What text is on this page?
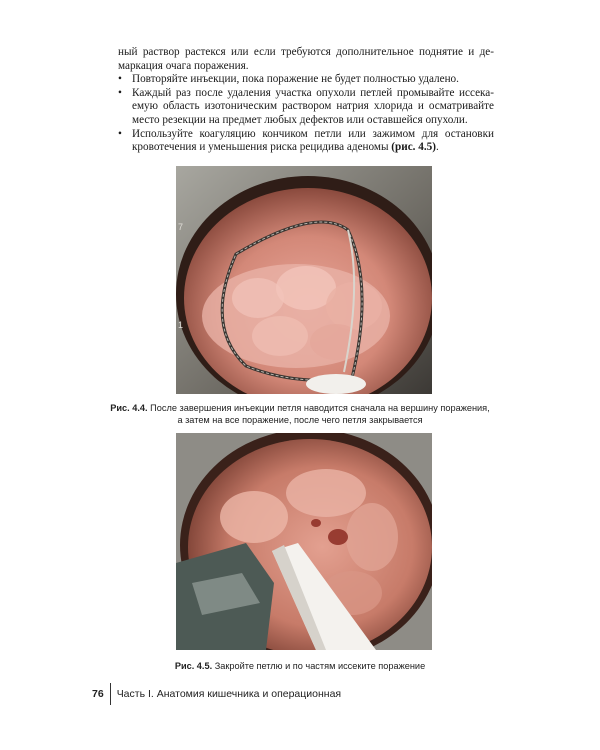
ный раствор растекся или если требуются дополнительное поднятие и де-
маркация очага поражения.
• Повторяйте инъекции, пока поражение не будет полностью удалено.
• Каждый раз после удаления участка опухоли петлей промывайте иссека-
емую область изотоническим раствором натрия хлорида и осматривайте
место резекции на предмет любых дефектов или оставшейся опухоли.
• Используйте коагуляцию кончиком петли или зажимом для остановки
кровотечения и уменьшения риска рецидива аденомы (рис. 4.5).
7
1
Рис. 4.4. После завершения инъекции петля наводится сначала на вершину поражения,
а затем на все поражение, после чего петля закрывается
Рис. 4.5. Закройте петлю и по частям иссеките поражение
76	Часть I. Анатомия кишечника и операционная
